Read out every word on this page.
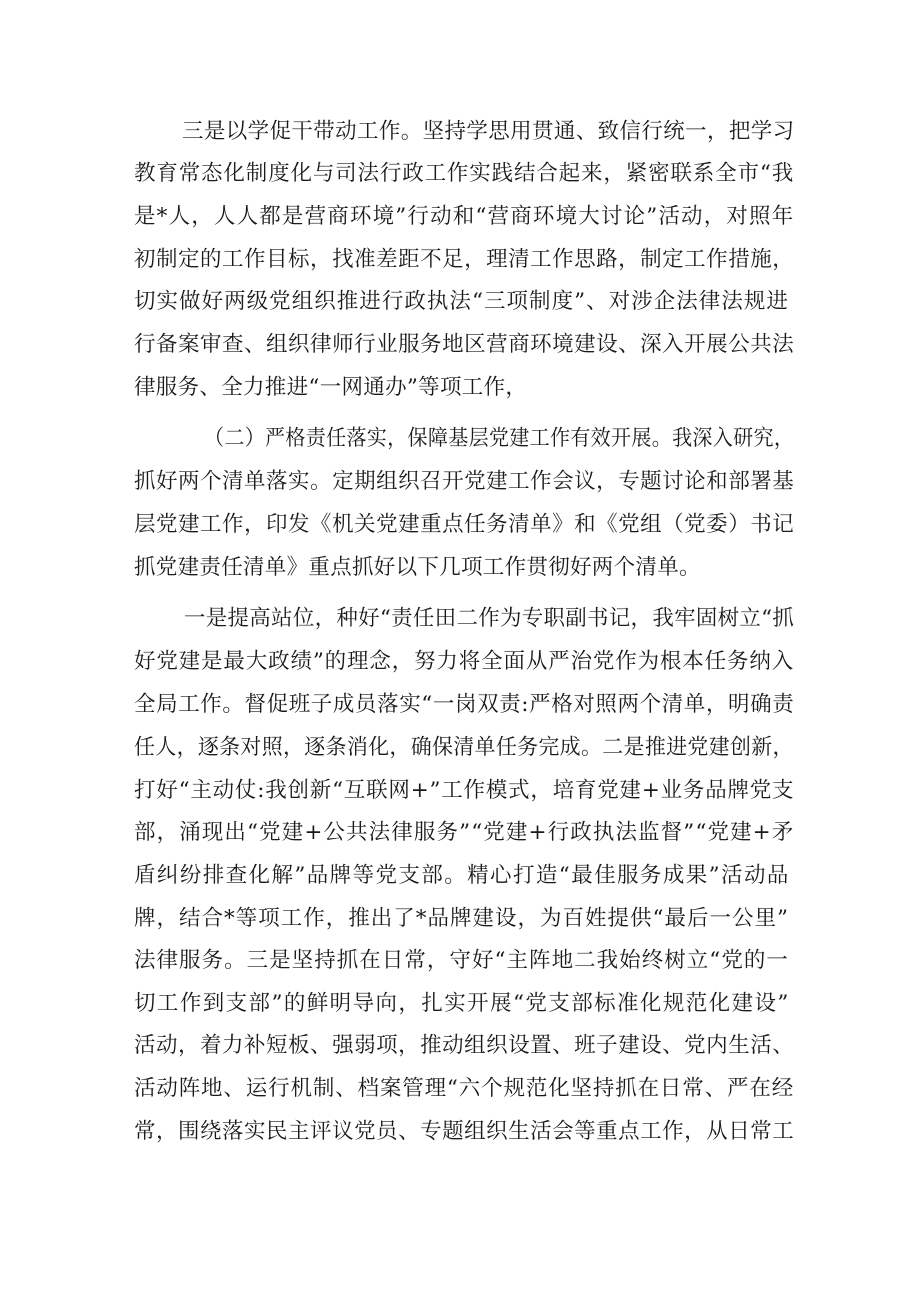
三是以学促干带动工作。坚持学思用贯通、致信行统一，把学习
教育常态化制度化与司法行政工作实践结合起来，紧密联系全市“我
是*人，人人都是营商环境”行动和“营商环境大讨论”活动，对照年
初制定的工作目标，找准差距不足，理清工作思路，制定工作措施，
切实做好两级党组织推进行政执法“三项制度”、对涉企法律法规进
行备案审查、组织律师行业服务地区营商环境建设、深入开展公共法
律服务、全力推进“一网通办”等项工作，
（二）严格责任落实，保障基层党建工作有效开展。我深入研究，
抓好两个清单落实。定期组织召开党建工作会议，专题讨论和部署基
层党建工作，印发《机关党建重点任务清单》和《党组（党委）书记
抓党建责任清单》重点抓好以下几项工作贯彻好两个清单。
一是提高站位，种好“责任田二作为专职副书记，我牢固树立“抓
好党建是最大政绩”的理念，努力将全面从严治党作为根本任务纳入
全局工作。督促班子成员落实“一岗双责:严格对照两个清单，明确责
任人，逐条对照，逐条消化，确保清单任务完成。二是推进党建创新，
打好“主动仗:我创新“互联网+”工作模式，培育党建+业务品牌党支
部，涌现出“党建+公共法律服务”“党建+行政执法监督”“党建+矛
盾纠纷排查化解”品牌等党支部。精心打造“最佳服务成果”活动品
牌，结合*等项工作，推出了*品牌建设，为百姓提供“最后一公里”
法律服务。三是坚持抓在日常，守好“主阵地二我始终树立“党的一
切工作到支部”的鲜明导向，扎实开展“党支部标准化规范化建设”
活动，着力补短板、强弱项，推动组织设置、班子建设、党内生活、
活动阵地、运行机制、档案管理“六个规范化坚持抓在日常、严在经
常，围绕落实民主评议党员、专题组织生活会等重点工作，从日常工
